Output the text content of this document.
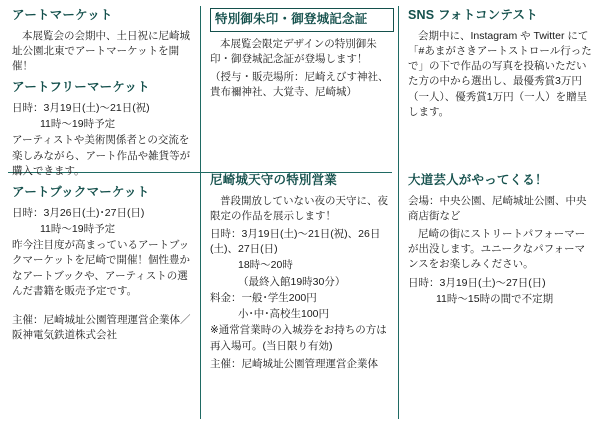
特別御朱印・御登城記念証

本展覧会限定デザインの特別御朱印・御登城記念証が登場します！

（授与・販売場所：尼崎えびす神社、貴布禰神社、大覚寺、尼崎城）

SNS フォトコンテスト

会期中に、Instagram や Twitter にて「#あまがさきアートストロール行ったで」の下で作品の写真を投稿いただいた方の中から選出し、最優秀賞3万円（一人）、優秀賞1万円（一人）を贈呈します。

アートマーケット

本展覧会の会期中、土日祝に尼崎城址公園北東でアートマーケットを開催！

アートフリーマーケット

日時：3月19日(土)～21日(祝)

11時～19時予定

アーティストや美術関係者との交流を楽しみながら、アート作品や雑貨等が購入できます。

アートブックマーケット

日時：3月26日(土)･27日(日)

11時～19時予定

昨今注目度が高まっているアートブックマーケットを尼崎で開催！個性豊かなアートブックや、アーティストの選んだ書籍を販売予定です。

主催：尼崎城址公園管理運営企業体／阪神電気鉄道株式会社

尼崎城天守の特別営業

普段開放していない夜の天守に、夜限定の作品を展示します！

日時：3月19日(土)～21日(祝)、26日(土)、27日(日)

18時～20時

（最終入館19時30分）

料金：一般･学生200円

小･中･高校生100円

※通常営業時の入城券をお持ちの方は再入場可。(当日限り有効)

主催：尼崎城址公園管理運営企業体

大道芸人がやってくる！

会場：中央公園、尼崎城址公園、中央商店街など

尼崎の街にストリートパフォーマーが出没します。ユニークなパフォーマンスをお楽しみください。

日時：3月19日(土)～27日(日)

11時～15時の間で不定期
